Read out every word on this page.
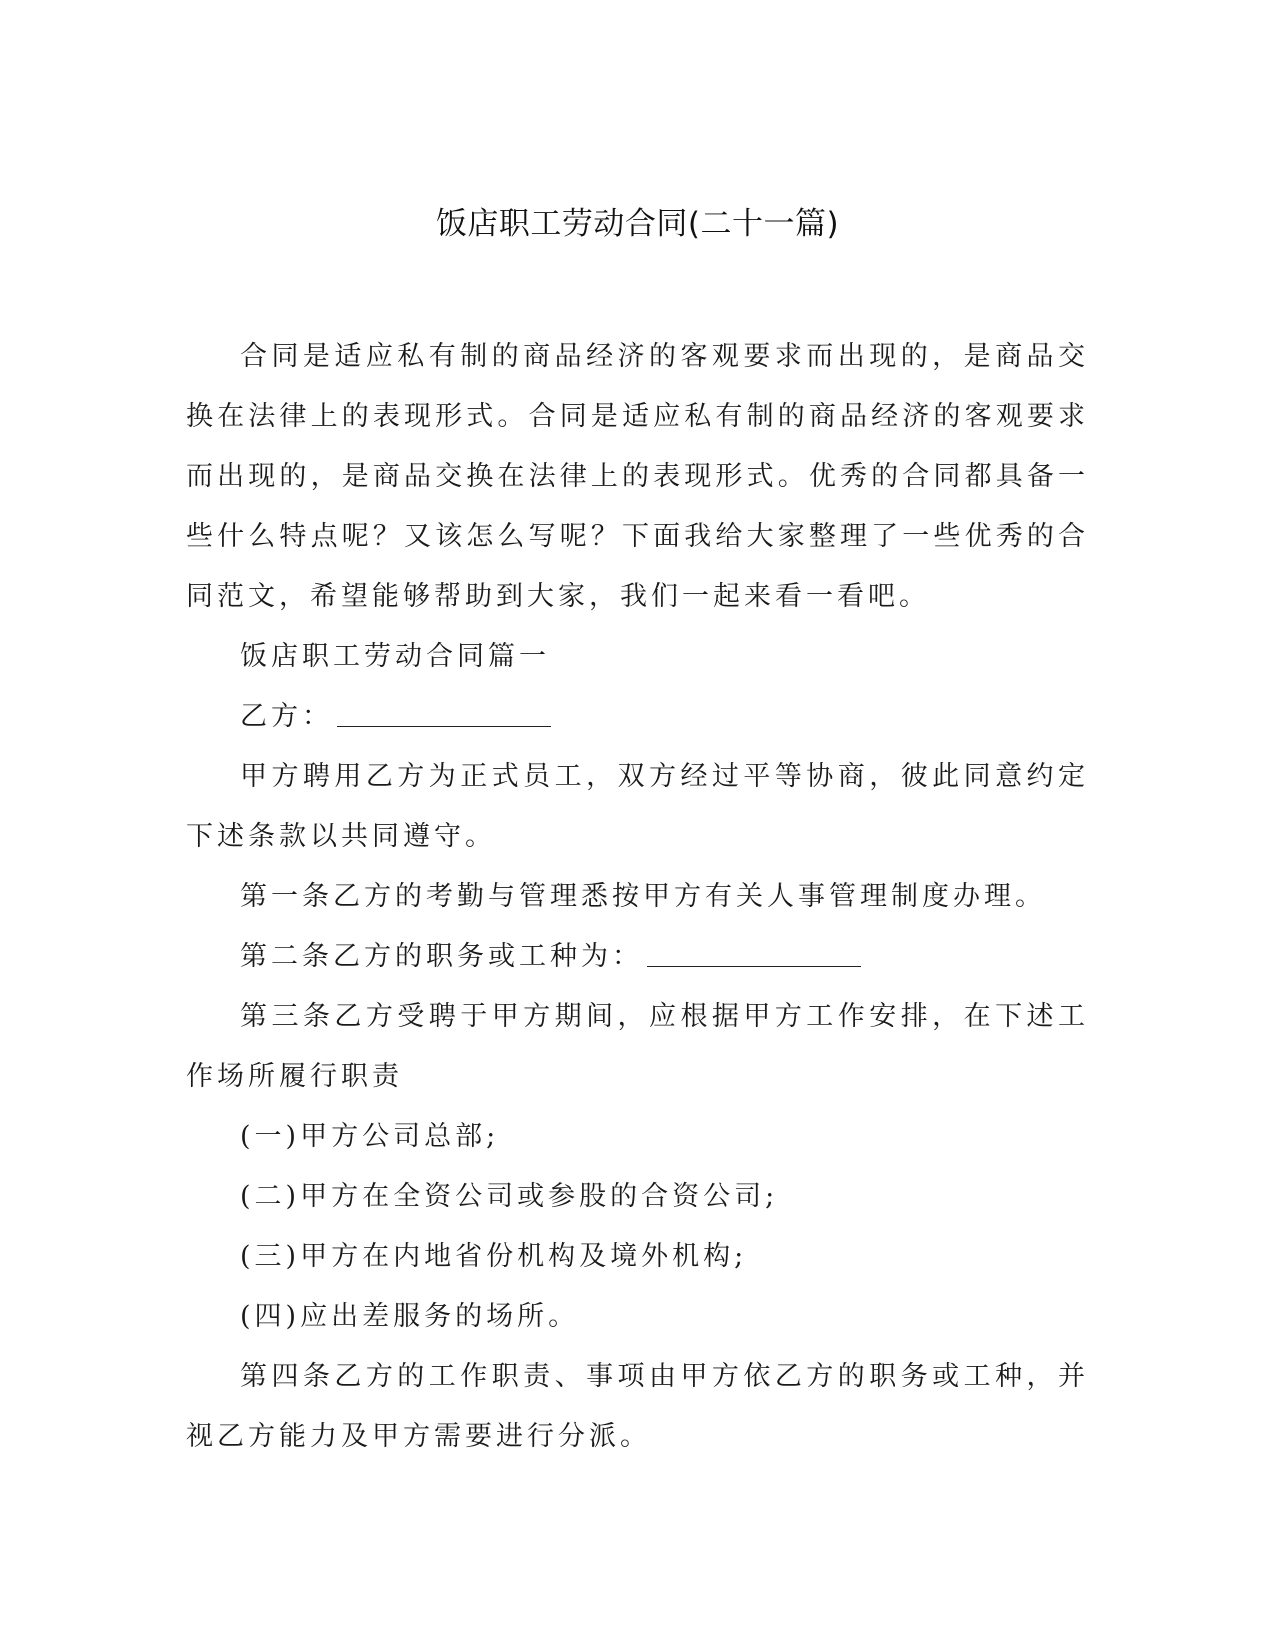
饭店职工劳动合同(二十一篇)

合同是适应私有制的商品经济的客观要求而出现的，是商品交换在法律上的表现形式。合同是适应私有制的商品经济的客观要求而出现的，是商品交换在法律上的表现形式。优秀的合同都具备一些什么特点呢？又该怎么写呢？下面我给大家整理了一些优秀的合同范文，希望能够帮助到大家，我们一起来看一看吧。

饭店职工劳动合同篇一

乙方：

甲方聘用乙方为正式员工，双方经过平等协商，彼此同意约定下述条款以共同遵守。

第一条乙方的考勤与管理悉按甲方有关人事管理制度办理。

第二条乙方的职务或工种为：

第三条乙方受聘于甲方期间，应根据甲方工作安排，在下述工作场所履行职责

(一)甲方公司总部;

(二)甲方在全资公司或参股的合资公司;

(三)甲方在内地省份机构及境外机构;

(四)应出差服务的场所。

第四条乙方的工作职责、事项由甲方依乙方的职务或工种，并视乙方能力及甲方需要进行分派。
